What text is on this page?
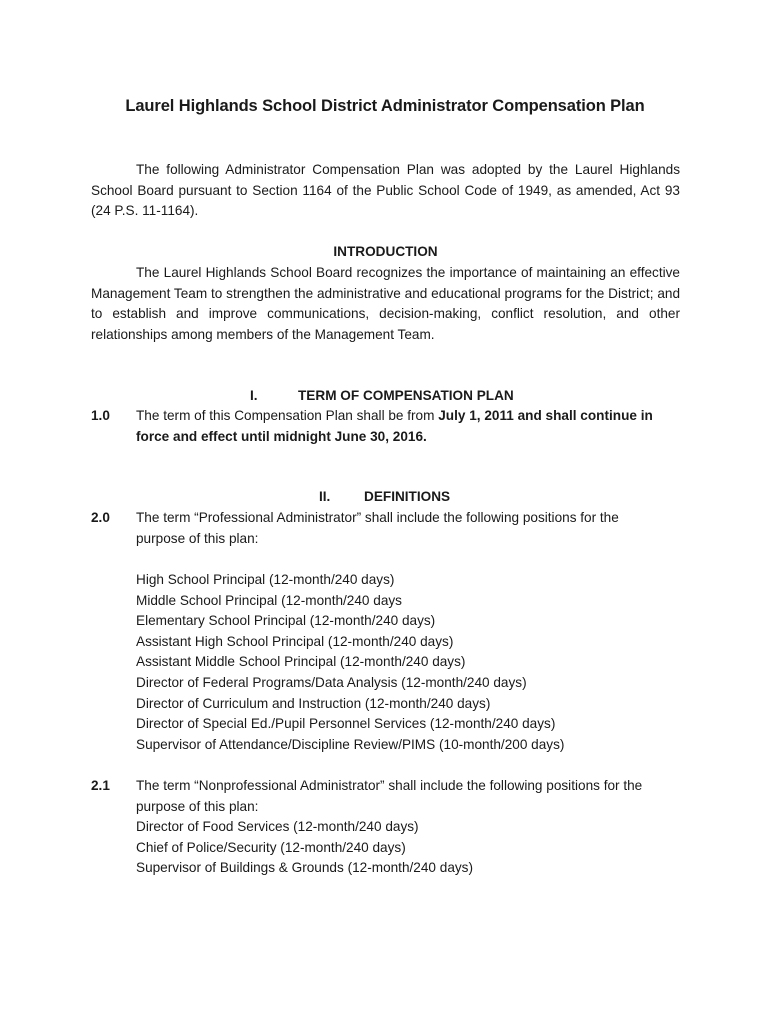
Laurel Highlands School District Administrator Compensation Plan
The following Administrator Compensation Plan was adopted by the Laurel Highlands School Board pursuant to Section 1164 of the Public School Code of 1949, as amended, Act 93 (24 P.S. 11-1164).
INTRODUCTION
The Laurel Highlands School Board recognizes the importance of maintaining an effective Management Team to strengthen the administrative and educational programs for the District; and to establish and improve communications, decision-making, conflict resolution, and other relationships among members of the Management Team.
I.	TERM OF COMPENSATION PLAN
1.0 The term of this Compensation Plan shall be from July 1, 2011 and shall continue in force and effect until midnight June 30, 2016.
II. DEFINITIONS
2.0 The term “Professional Administrator” shall include the following positions for the purpose of this plan:
High School Principal (12-month/240 days)
Middle School Principal (12-month/240 days
Elementary School Principal (12-month/240 days)
Assistant High School Principal (12-month/240 days)
Assistant Middle School Principal (12-month/240 days)
Director of Federal Programs/Data Analysis (12-month/240 days)
Director of Curriculum and Instruction (12-month/240 days)
Director of Special Ed./Pupil Personnel Services (12-month/240 days)
Supervisor of Attendance/Discipline Review/PIMS (10-month/200 days)
2.1 The term “Nonprofessional Administrator” shall include the following positions for the purpose of this plan:
Director of Food Services (12-month/240 days)
Chief of Police/Security (12-month/240 days)
Supervisor of Buildings & Grounds (12-month/240 days)
